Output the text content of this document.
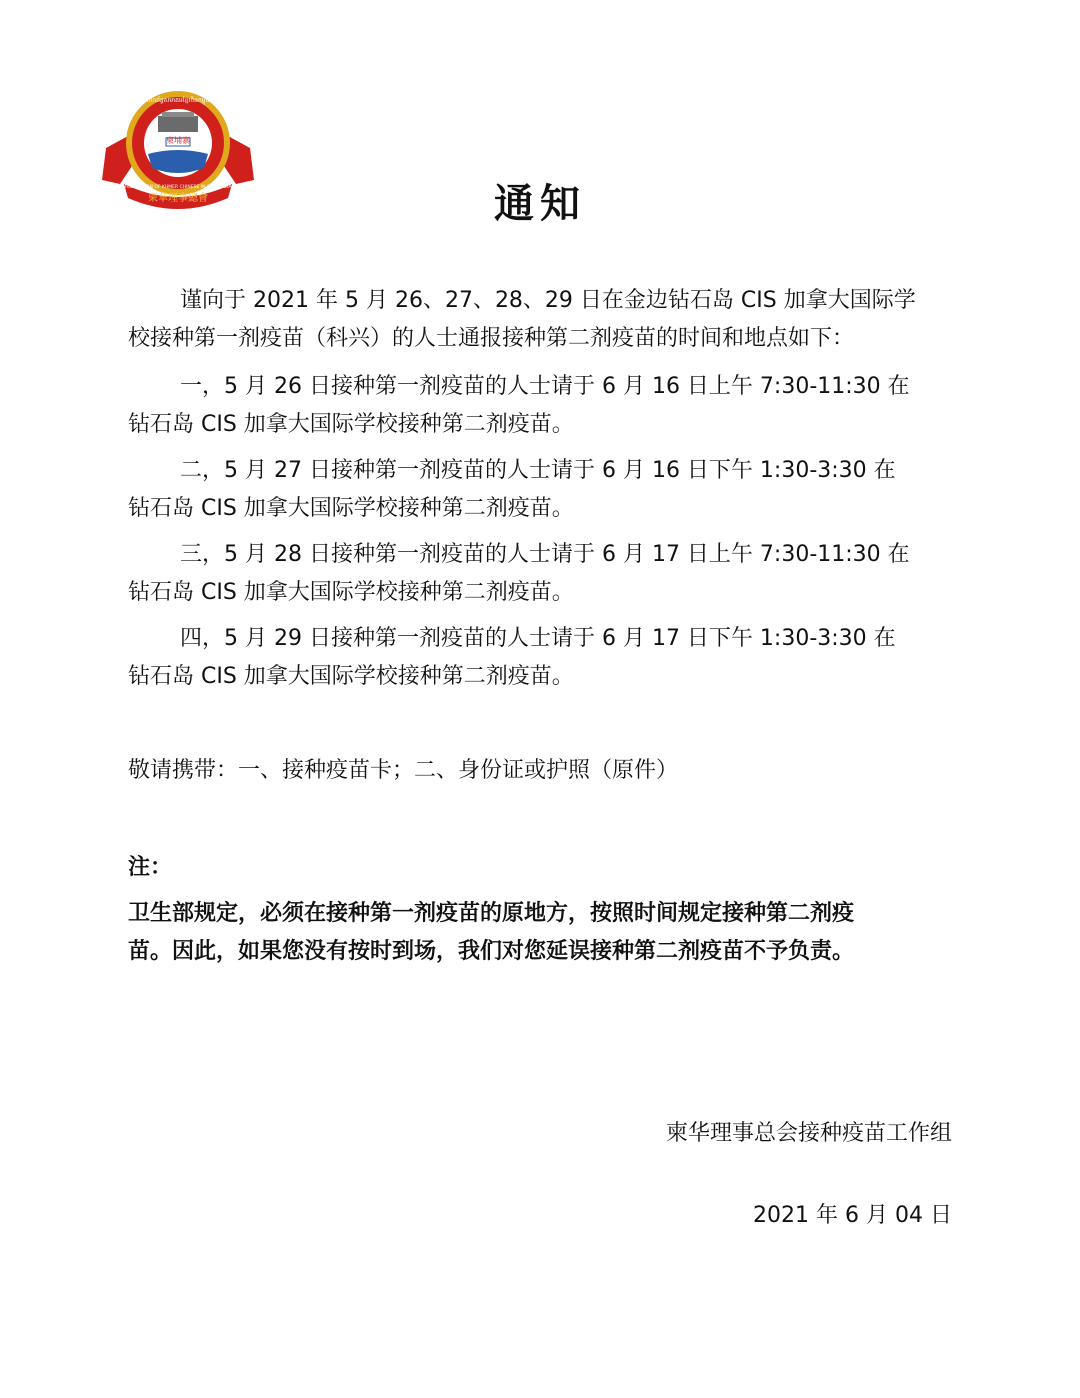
柬華理事總會
柬埔寨
សហព័ន្ធសមាគមខ្មែរចិនកម្ពុជា
FEDERATION OF KHMER CHINESE IN CAMBODIA	通知
谨向于 2021 年 5 月 26、27、28、29 日在金边钻石岛 CIS 加拿大国际学
校接种第一剂疫苗（科兴）的人士通报接种第二剂疫苗的时间和地点如下：
一，5 月 26 日接种第一剂疫苗的人士请于 6 月 16 日上午 7:30-11:30 在
钻石岛 CIS 加拿大国际学校接种第二剂疫苗。
二，5 月 27 日接种第一剂疫苗的人士请于 6 月 16 日下午 1:30-3:30 在
钻石岛 CIS 加拿大国际学校接种第二剂疫苗。
三，5 月 28 日接种第一剂疫苗的人士请于 6 月 17 日上午 7:30-11:30 在
钻石岛 CIS 加拿大国际学校接种第二剂疫苗。
四，5 月 29 日接种第一剂疫苗的人士请于 6 月 17 日下午 1:30-3:30 在
钻石岛 CIS 加拿大国际学校接种第二剂疫苗。
敬请携带：一、接种疫苗卡；二、身份证或护照（原件）
注：
卫生部规定，必须在接种第一剂疫苗的原地方，按照时间规定接种第二剂疫
苗。因此，如果您没有按时到场，我们对您延误接种第二剂疫苗不予负责。
柬华理事总会接种疫苗工作组
2021 年 6 月 04 日
